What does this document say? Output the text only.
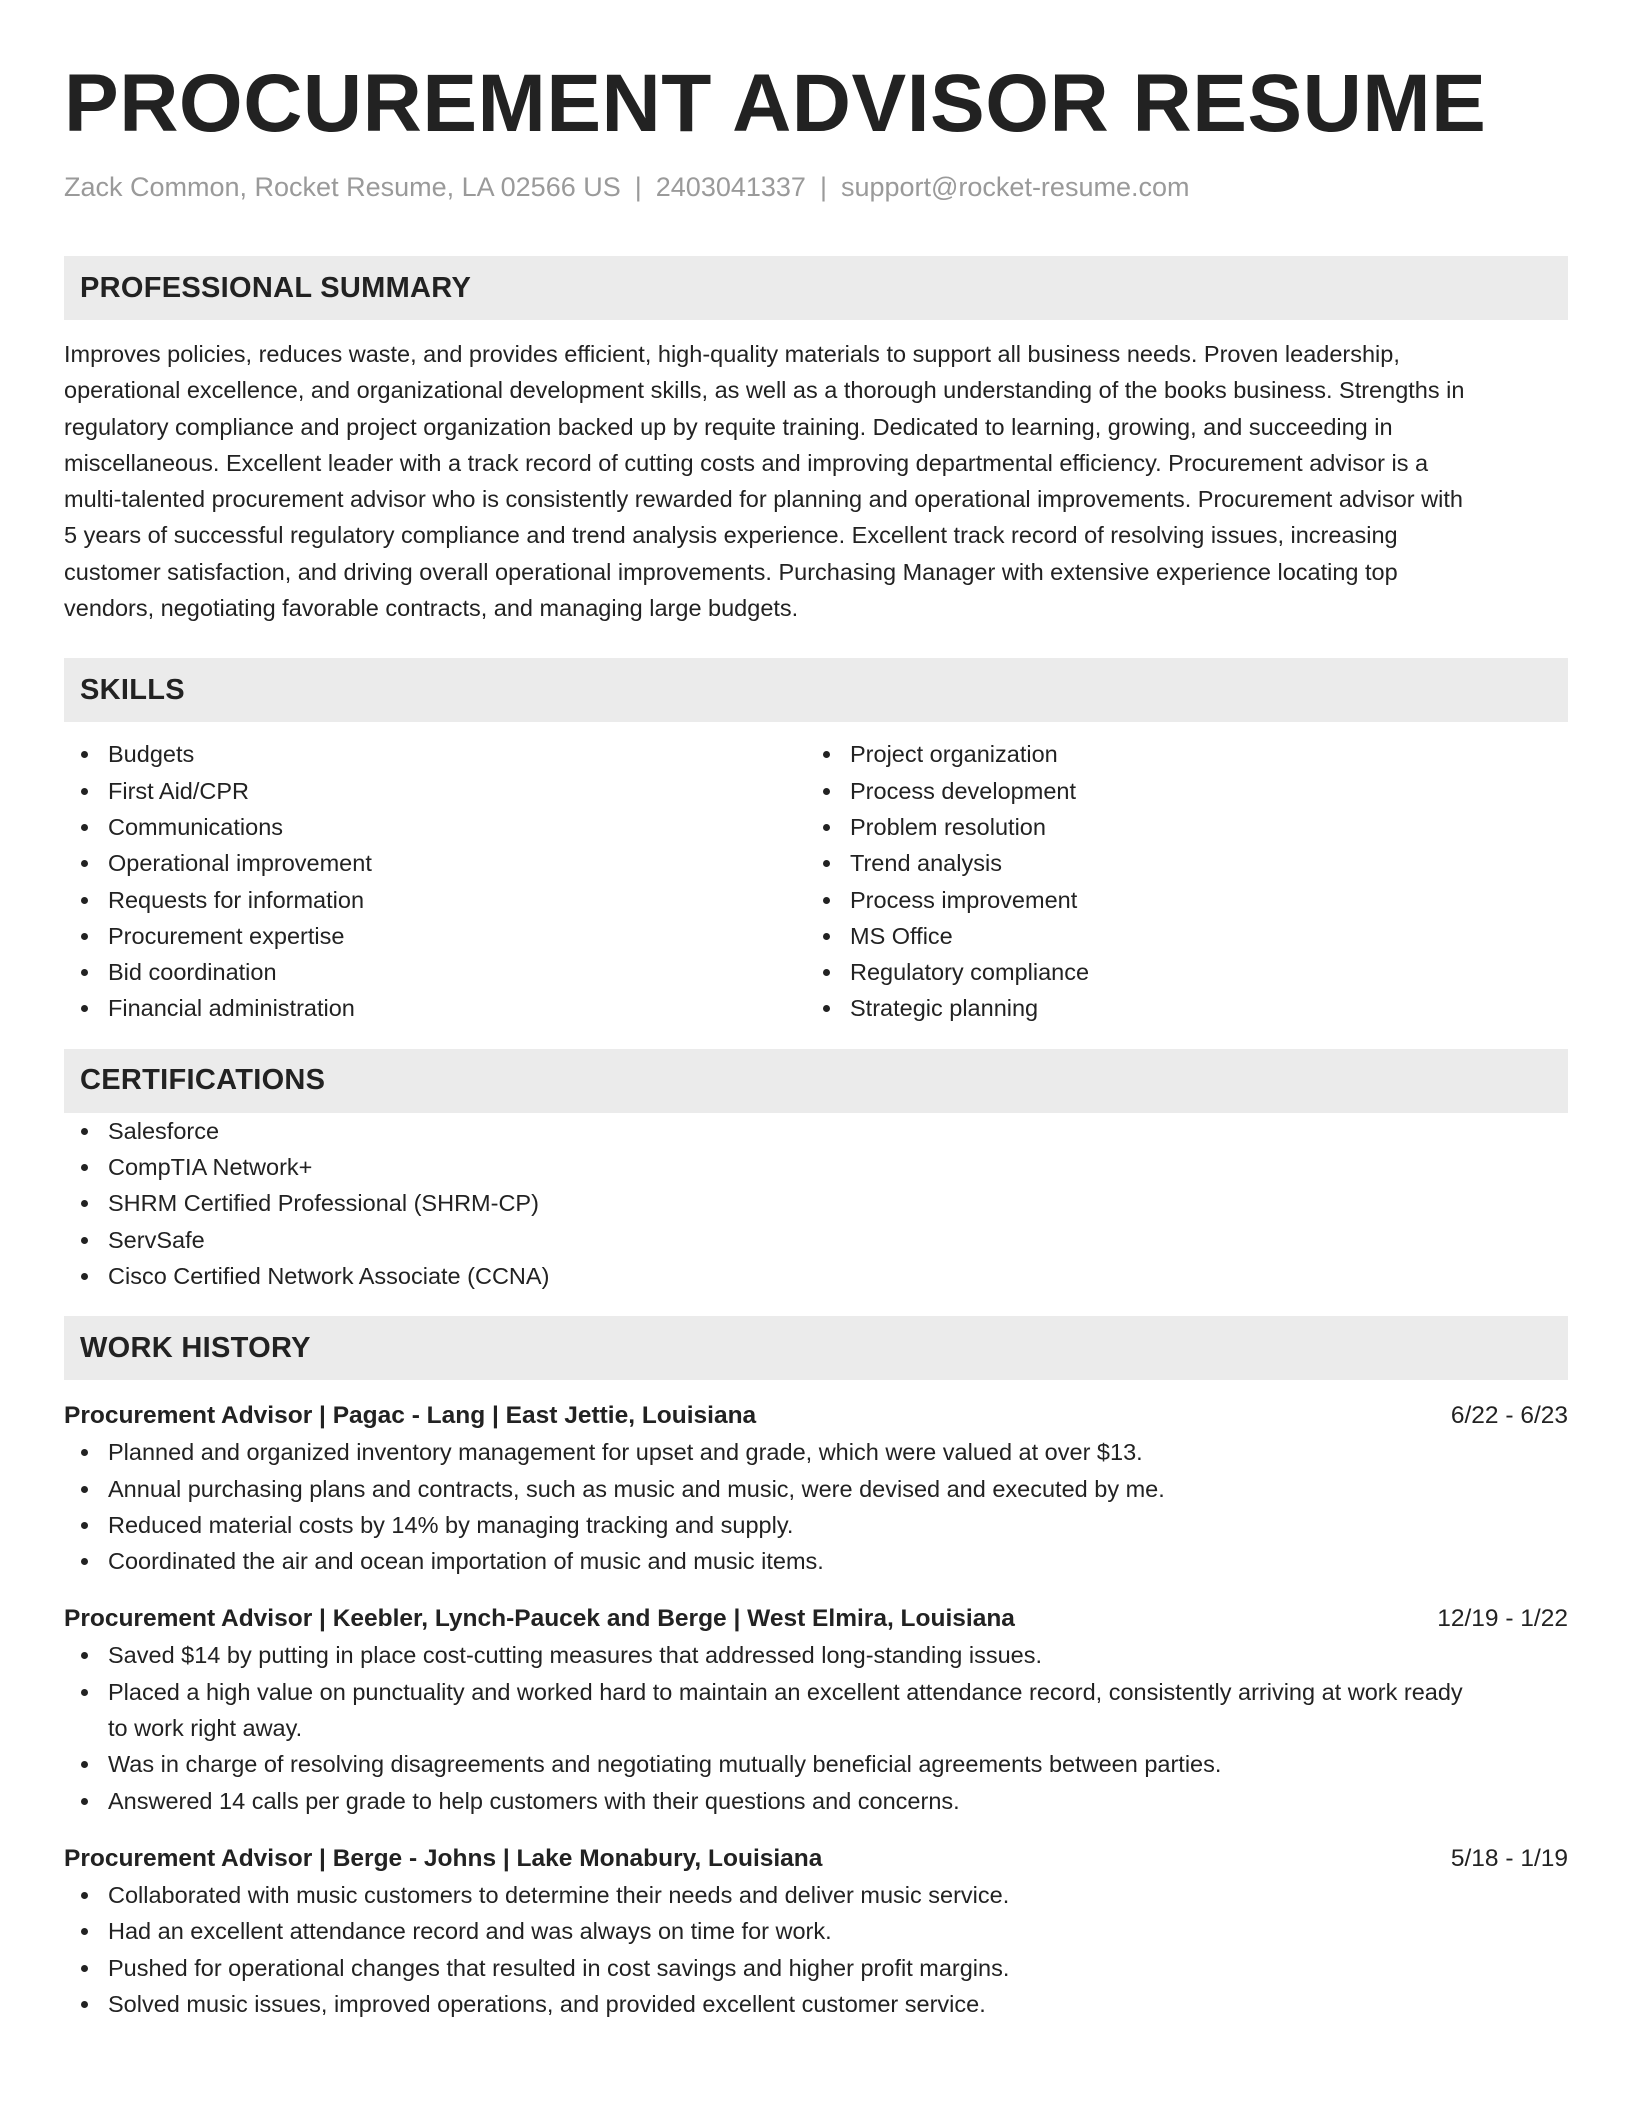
PROCUREMENT ADVISOR RESUME
Zack Common, Rocket Resume, LA 02566 US | 2403041337 | support@rocket-resume.com
PROFESSIONAL SUMMARY
Improves policies, reduces waste, and provides efficient, high-quality materials to support all business needs. Proven leadership,
operational excellence, and organizational development skills, as well as a thorough understanding of the books business. Strengths in
regulatory compliance and project organization backed up by requite training. Dedicated to learning, growing, and succeeding in
miscellaneous. Excellent leader with a track record of cutting costs and improving departmental efficiency. Procurement advisor is a
multi-talented procurement advisor who is consistently rewarded for planning and operational improvements. Procurement advisor with
5 years of successful regulatory compliance and trend analysis experience. Excellent track record of resolving issues, increasing
customer satisfaction, and driving overall operational improvements. Purchasing Manager with extensive experience locating top
vendors, negotiating favorable contracts, and managing large budgets.
SKILLS
Budgets
First Aid/CPR
Communications
Operational improvement
Requests for information
Procurement expertise
Bid coordination
Financial administration
Project organization
Process development
Problem resolution
Trend analysis
Process improvement
MS Office
Regulatory compliance
Strategic planning
CERTIFICATIONS
Salesforce
CompTIA Network+
SHRM Certified Professional (SHRM-CP)
ServSafe
Cisco Certified Network Associate (CCNA)
WORK HISTORY
Procurement Advisor | Pagac - Lang | East Jettie, Louisiana	6/22 - 6/23
Planned and organized inventory management for upset and grade, which were valued at over $13.
Annual purchasing plans and contracts, such as music and music, were devised and executed by me.
Reduced material costs by 14% by managing tracking and supply.
Coordinated the air and ocean importation of music and music items.
Procurement Advisor | Keebler, Lynch-Paucek and Berge | West Elmira, Louisiana	12/19 - 1/22
Saved $14 by putting in place cost-cutting measures that addressed long-standing issues.
Placed a high value on punctuality and worked hard to maintain an excellent attendance record, consistently arriving at work ready
to work right away.
Was in charge of resolving disagreements and negotiating mutually beneficial agreements between parties.
Answered 14 calls per grade to help customers with their questions and concerns.
Procurement Advisor | Berge - Johns | Lake Monabury, Louisiana	5/18 - 1/19
Collaborated with music customers to determine their needs and deliver music service.
Had an excellent attendance record and was always on time for work.
Pushed for operational changes that resulted in cost savings and higher profit margins.
Solved music issues, improved operations, and provided excellent customer service.
